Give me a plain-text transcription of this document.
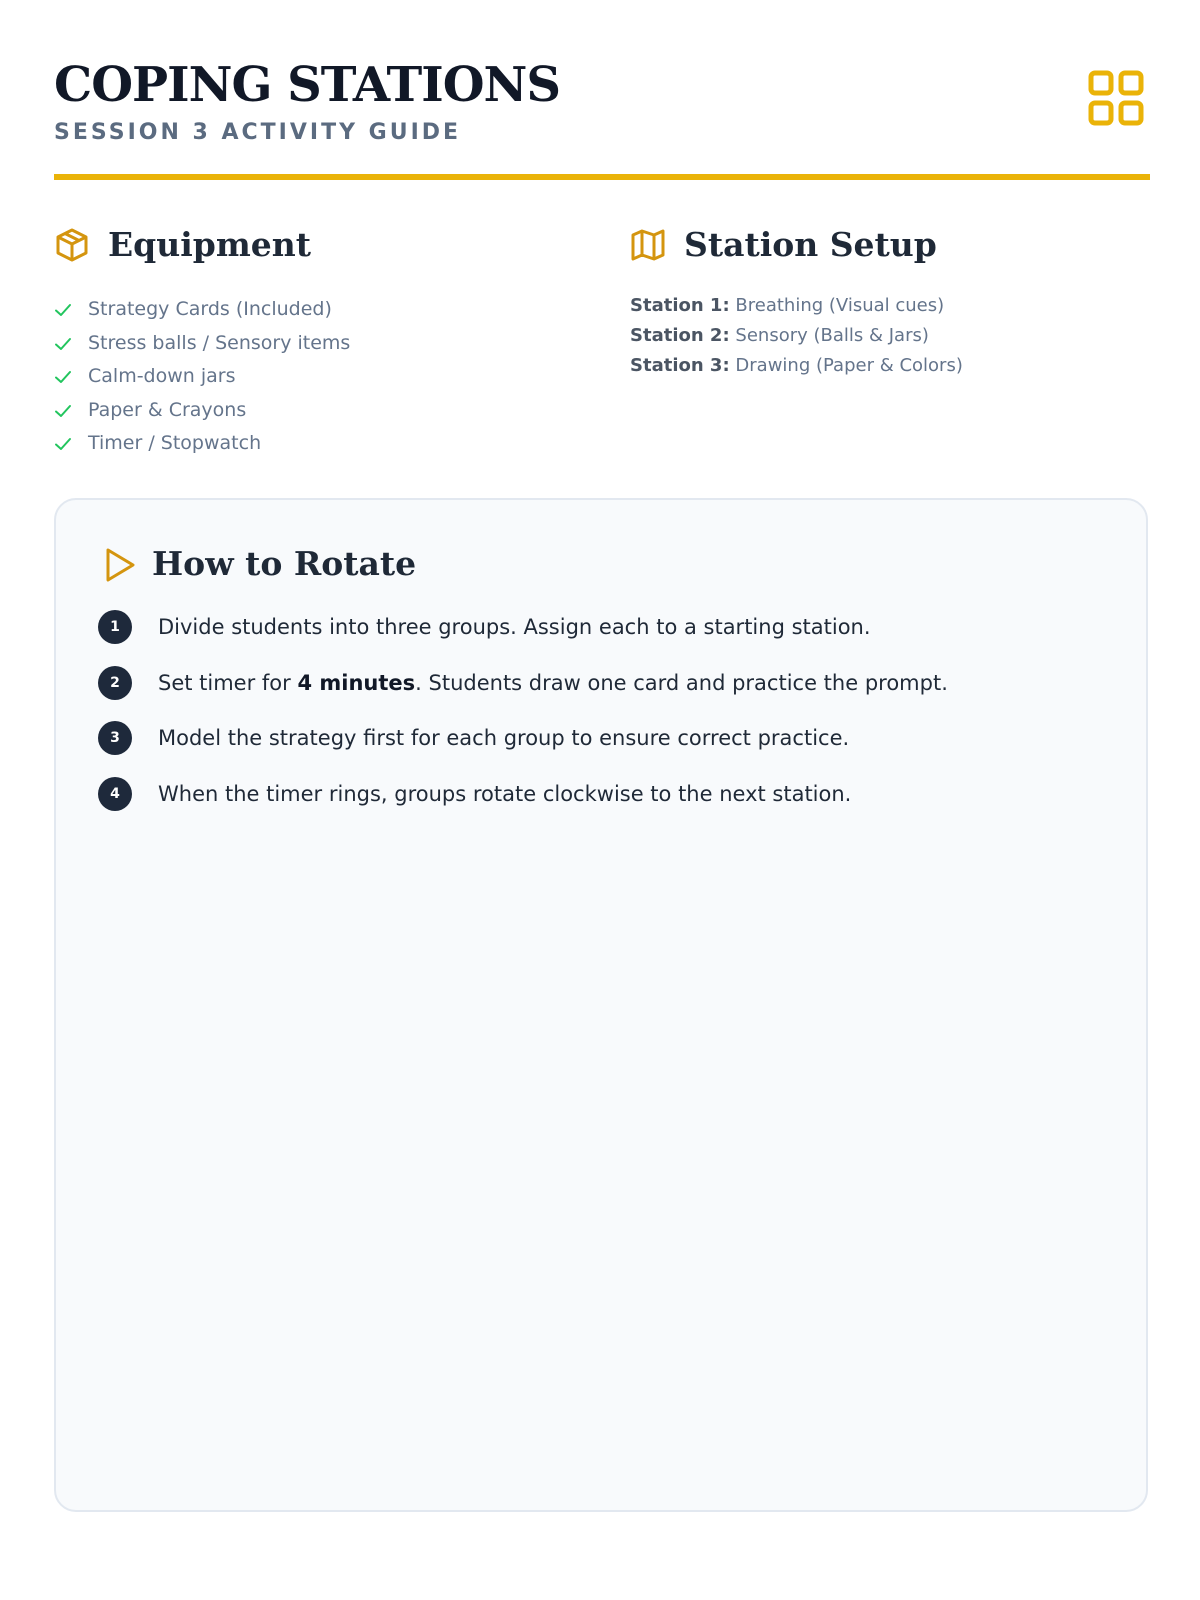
COPING STATIONS
SESSION 3 ACTIVITY GUIDE
Equipment
Strategy Cards (Included)
Stress balls / Sensory items
Calm-down jars
Paper & Crayons
Timer / Stopwatch
Station Setup
Station 1: Breathing (Visual cues)
Station 2: Sensory (Balls & Jars)
Station 3: Drawing (Paper & Colors)
How to Rotate
1	Divide students into three groups. Assign each to a starting station.
2	Set timer for 4 minutes. Students draw one card and practice the prompt.
3	Model the strategy first for each group to ensure correct practice.
4	When the timer rings, groups rotate clockwise to the next station.
